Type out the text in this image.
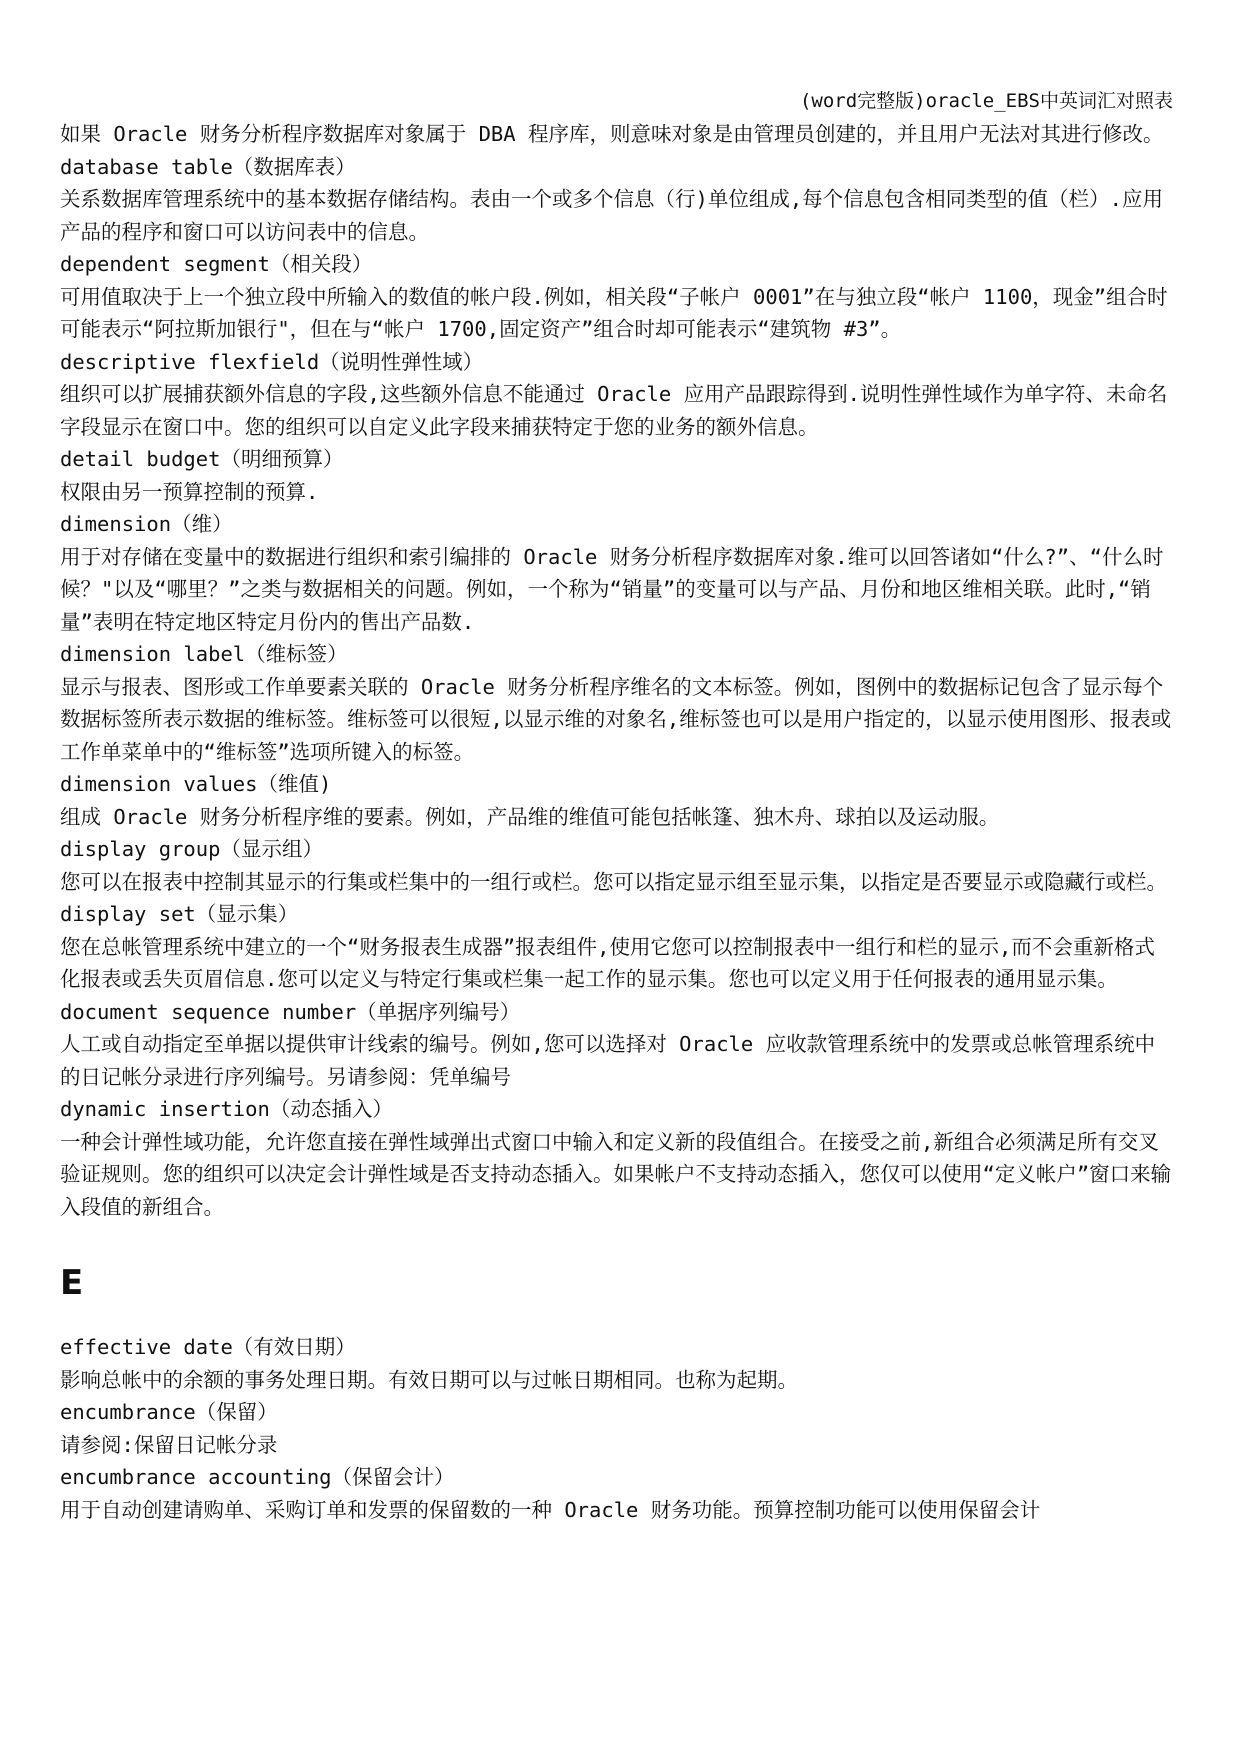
(word完整版)oracle_EBS中英词汇对照表

如果 Oracle 财务分析程序数据库对象属于 DBA 程序库，则意味对象是由管理员创建的，并且用户无法对其进行修改。

database table（数据库表）

关系数据库管理系统中的基本数据存储结构。表由一个或多个信息（行)单位组成,每个信息包含相同类型的值（栏）.应用产品的程序和窗口可以访问表中的信息。

dependent segment（相关段）

可用值取决于上一个独立段中所输入的数值的帐户段.例如，相关段“子帐户 0001”在与独立段“帐户 1100，现金”组合时可能表示“阿拉斯加银行"，但在与“帐户 1700,固定资产”组合时却可能表示“建筑物 #3”。

descriptive flexfield（说明性弹性域）

组织可以扩展捕获额外信息的字段,这些额外信息不能通过 Oracle 应用产品跟踪得到.说明性弹性域作为单字符、未命名字段显示在窗口中。您的组织可以自定义此字段来捕获特定于您的业务的额外信息。

detail budget（明细预算）

权限由另一预算控制的预算.

dimension（维）

用于对存储在变量中的数据进行组织和索引编排的 Oracle 财务分析程序数据库对象.维可以回答诸如“什么?”、“什么时候？"以及“哪里？”之类与数据相关的问题。例如，一个称为“销量”的变量可以与产品、月份和地区维相关联。此时,“销量”表明在特定地区特定月份内的售出产品数.

dimension label（维标签）

显示与报表、图形或工作单要素关联的 Oracle 财务分析程序维名的文本标签。例如，图例中的数据标记包含了显示每个数据标签所表示数据的维标签。维标签可以很短,以显示维的对象名,维标签也可以是用户指定的，以显示使用图形、报表或工作单菜单中的“维标签”选项所键入的标签。

dimension values（维值)

组成 Oracle 财务分析程序维的要素。例如，产品维的维值可能包括帐篷、独木舟、球拍以及运动服。

display group（显示组）

您可以在报表中控制其显示的行集或栏集中的一组行或栏。您可以指定显示组至显示集，以指定是否要显示或隐藏行或栏。

display set（显示集）

您在总帐管理系统中建立的一个“财务报表生成器”报表组件,使用它您可以控制报表中一组行和栏的显示,而不会重新格式化报表或丢失页眉信息.您可以定义与特定行集或栏集一起工作的显示集。您也可以定义用于任何报表的通用显示集。

document sequence number（单据序列编号）

人工或自动指定至单据以提供审计线索的编号。例如,您可以选择对 Oracle 应收款管理系统中的发票或总帐管理系统中的日记帐分录进行序列编号。另请参阅：凭单编号

dynamic insertion（动态插入）

一种会计弹性域功能，允许您直接在弹性域弹出式窗口中输入和定义新的段值组合。在接受之前,新组合必须满足所有交叉验证规则。您的组织可以决定会计弹性域是否支持动态插入。如果帐户不支持动态插入，您仅可以使用“定义帐户”窗口来输入段值的新组合。

E
effective date（有效日期）

影响总帐中的余额的事务处理日期。有效日期可以与过帐日期相同。也称为起期。

encumbrance（保留）

请参阅:保留日记帐分录

encumbrance accounting（保留会计）

用于自动创建请购单、采购订单和发票的保留数的一种 Oracle 财务功能。预算控制功能可以使用保留会计
